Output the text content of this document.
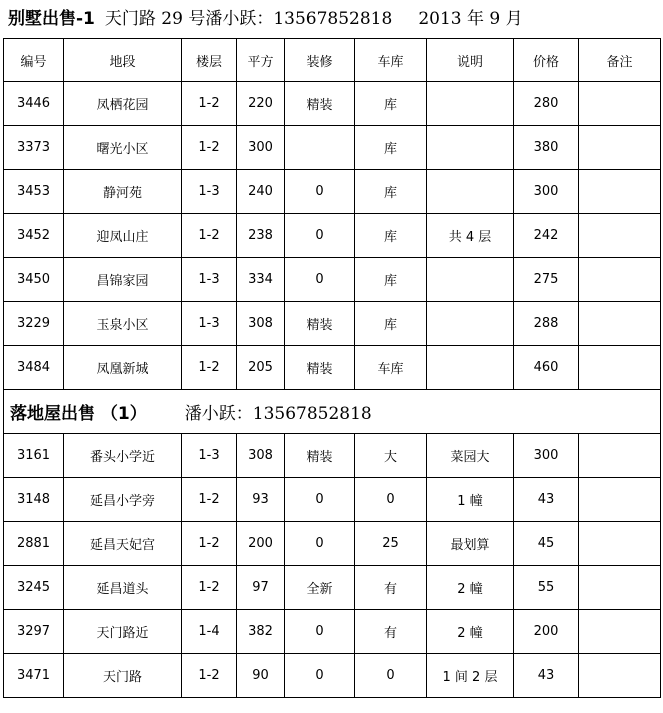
别墅出售-1 天门路 29 号潘小跃：13567852818 2013 年 9 月
编号	地段	楼层	平方	装修	车库	说明	价格	备注
3446	凤栖花园	1-2	220	精装	库		280	
3373	曙光小区	1-2	300		库		380	
3453	静河苑	1-3	240	0	库		300	
3452	迎凤山庄	1-2	238	0	库	共 4 层	242	
3450	昌锦家园	1-3	334	0	库		275	
3229	玉泉小区	1-3	308	精装	库		288	
3484	凤凰新城	1-2	205	精装	车库		460	
落地屋出售 （1） 潘小跃：13567852818								
3161	番头小学近	1-3	308	精装	大	菜园大	300	
3148	延昌小学旁	1-2	93	0	0	1 幢	43	
2881	延昌天妃宫	1-2	200	0	25	最划算	45	
3245	延昌道头	1-2	97	全新	有	2 幢	55	
3297	天门路近	1-4	382	0	有	2 幢	200	
3471	天门路	1-2	90	0	0	1 间 2 层	43	
